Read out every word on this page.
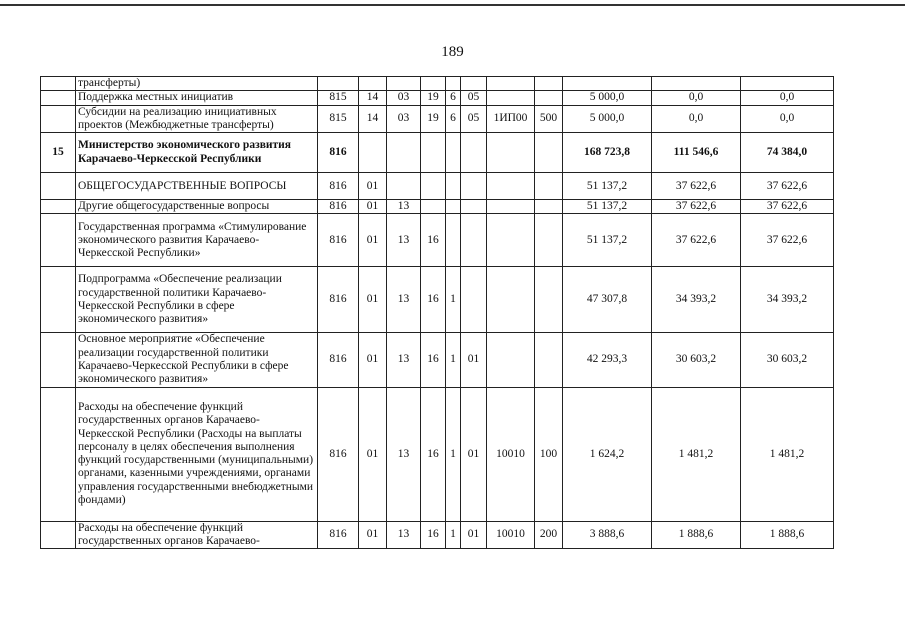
189
	трансферты)											
	Поддержка местных инициатив	815	14	03	19	6	05			5 000,0	0,0	0,0
	Субсидии на реализацию инициативных проектов (Межбюджетные трансферты)	815	14	03	19	6	05	1ИП00	500	5 000,0	0,0	0,0
15	Министерство экономического развития Карачаево-Черкесской Республики	816								168 723,8	111 546,6	74 384,0
	ОБЩЕГОСУДАРСТВЕННЫЕ ВОПРОСЫ	816	01							51 137,2	37 622,6	37 622,6
	Другие общегосударственные вопросы	816	01	13						51 137,2	37 622,6	37 622,6
	Государственная программа «Стимулирование экономического развития Карачаево-Черкесской Республики»	816	01	13	16					51 137,2	37 622,6	37 622,6
	Подпрограмма «Обеспечение реализации государственной политики Карачаево-Черкесской Республики в сфере экономического развития»	816	01	13	16	1				47 307,8	34 393,2	34 393,2
	Основное мероприятие «Обеспечение реализации государственной политики Карачаево-Черкесской Республики в сфере экономического развития»	816	01	13	16	1	01			42 293,3	30 603,2	30 603,2
	Расходы на обеспечение функций государственных органов Карачаево-Черкесской Республики (Расходы на выплаты персоналу в целях обеспечения выполнения функций государственными (муниципальными) органами, казенными учреждениями, органами управления государственными внебюджетными фондами)	816	01	13	16	1	01	10010	100	1 624,2	1 481,2	1 481,2
	Расходы на обеспечение функций государственных органов Карачаево-	816	01	13	16	1	01	10010	200	3 888,6	1 888,6	1 888,6
